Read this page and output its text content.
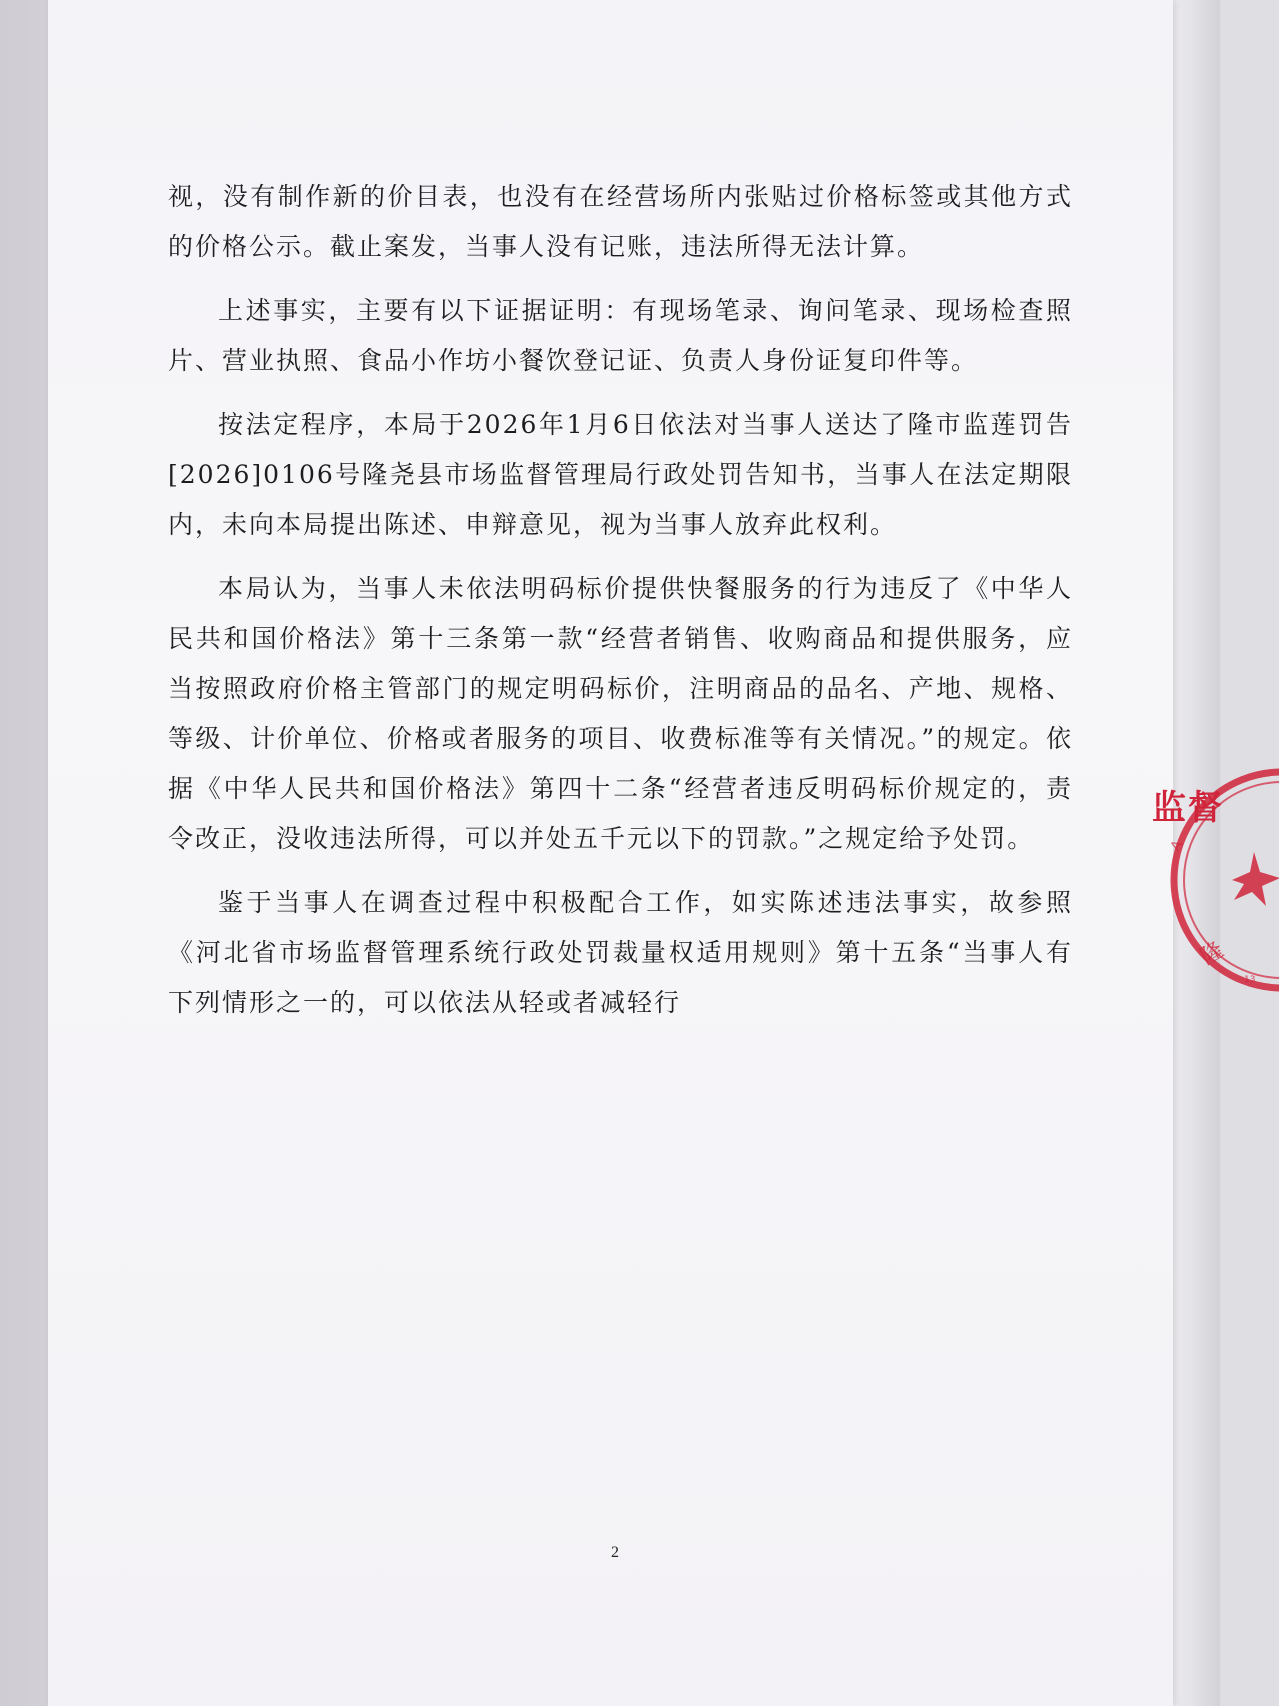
视，没有制作新的价目表，也没有在经营场所内张贴过价格标签或其他方式的价格公示。截止案发，当事人没有记账，违法所得无法计算。

上述事实，主要有以下证据证明：有现场笔录、询问笔录、现场检查照片、营业执照、食品小作坊小餐饮登记证、负责人身份证复印件等。

按法定程序，本局于2026年1月6日依法对当事人送达了隆市监莲罚告[2026]0106号隆尧县市场监督管理局行政处罚告知书，当事人在法定期限内，未向本局提出陈述、申辩意见，视为当事人放弃此权利。

本局认为，当事人未依法明码标价提供快餐服务的行为违反了《中华人民共和国价格法》第十三条第一款“经营者销售、收购商品和提供服务，应当按照政府价格主管部门的规定明码标价，注明商品的品名、产地、规格、等级、计价单位、价格或者服务的项目、收费标准等有关情况。”的规定。依据《中华人民共和国价格法》第四十二条“经营者违反明码标价规定的，责令改正，没收违法所得，可以并处五千元以下的罚款。”之规定给予处罚。

鉴于当事人在调查过程中积极配合工作，如实陈述违法事实，故参照《河北省市场监督管理系统行政处罚裁量权适用规则》第十五条“当事人有下列情形之一的，可以依法从轻或者减轻行

2
隆
13
A
监督
